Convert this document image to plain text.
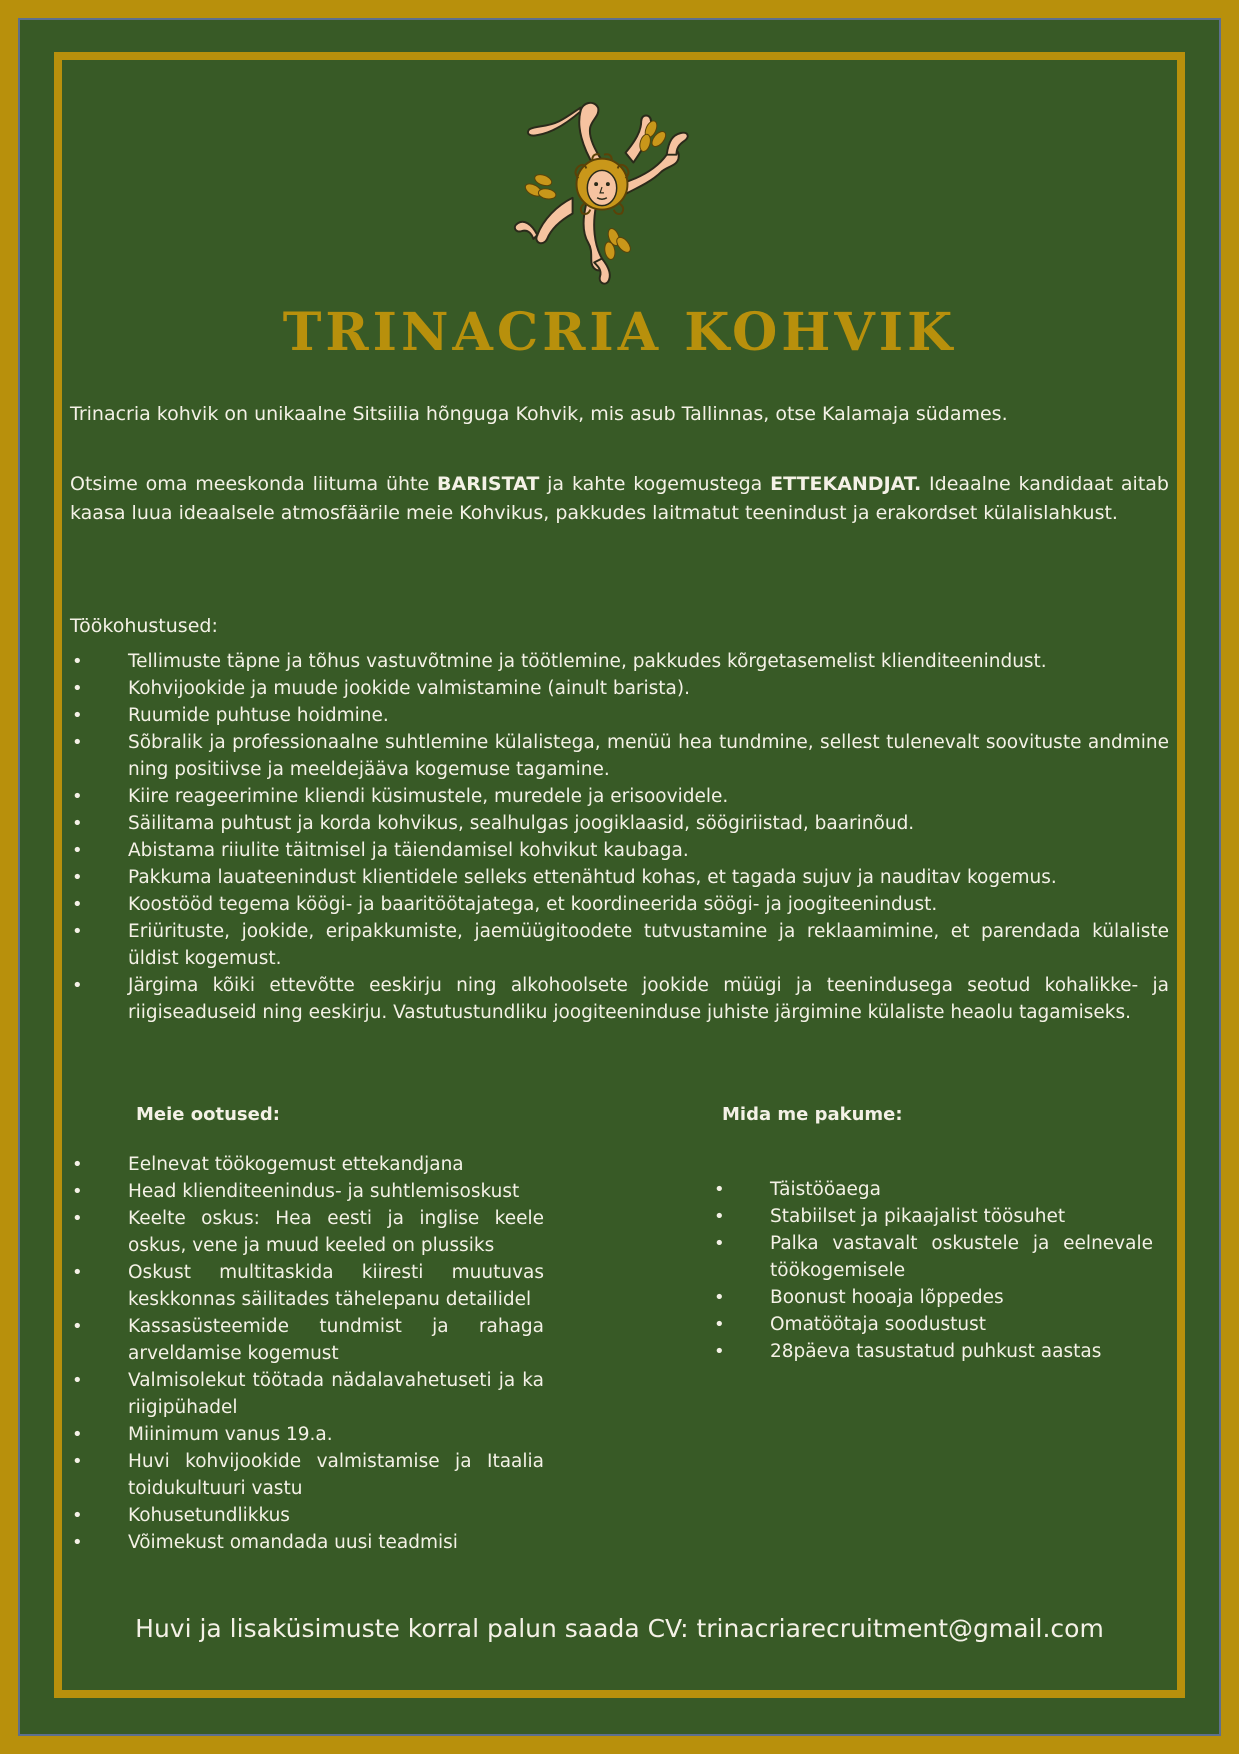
TRINACRIA KOHVIK
Trinacria kohvik on unikaalne Sitsiilia hõnguga Kohvik, mis asub Tallinnas, otse Kalamaja südames.
Otsime oma meeskonda liituma ühte BARISTAT ja kahte kogemustega ETTEKANDJAT. Ideaalne kandidaat aitab kaasa luua ideaalsele atmosfäärile meie Kohvikus, pakkudes laitmatut teenindust ja erakordset külalislahkust.
Töökohustused:
• Tellimuste täpne ja tõhus vastuvõtmine ja töötlemine, pakkudes kõrgetasemelist klienditeenindust.
• Kohvijookide ja muude jookide valmistamine (ainult barista).
• Ruumide puhtuse hoidmine.
• Sõbralik ja professionaalne suhtlemine külalistega, menüü hea tundmine, sellest tulenevalt soovituste andmine ning positiivse ja meeldejääva kogemuse tagamine.
• Kiire reageerimine kliendi küsimustele, muredele ja erisoovidele.
• Säilitama puhtust ja korda kohvikus, sealhulgas joogiklaasid, söögiriistad, baarinõud.
• Abistama riiulite täitmisel ja täiendamisel kohvikut kaubaga.
• Pakkuma lauateenindust klientidele selleks ettenähtud kohas, et tagada sujuv ja nauditav kogemus.
• Koostööd tegema köögi- ja baaritöötajatega, et koordineerida söögi- ja joogiteenindust.
• Eriürituste, jookide, eripakkumiste, jaemüügitoodete tutvustamine ja reklaamimine, et parendada külaliste üldist kogemust.
• Järgima kõiki ettevõtte eeskirju ning alkohoolsete jookide müügi ja teenindusega seotud kohalikke- ja riigiseaduseid ning eeskirju. Vastutustundliku joogiteeninduse juhiste järgimine külaliste heaolu tagamiseks.
Meie ootused:
• Eelnevat töökogemust ettekandjana
• Head klienditeenindus- ja suhtlemisoskust
• Keelte oskus: Hea eesti ja inglise keele oskus, vene ja muud keeled on plussiks
• Oskust multitaskida kiiresti muutuvas keskkonnas säilitades tähelepanu detailidel
• Kassasüsteemide tundmist ja rahaga arveldamise kogemust
• Valmisolekut töötada nädalavahetuseti ja ka riigipühadel
• Miinimum vanus 19.a.
• Huvi kohvijookide valmistamise ja Itaalia toidukultuuri vastu
• Kohusetundlikkus
• Võimekust omandada uusi teadmisi
Mida me pakume:
• Täistööaega
• Stabiilset ja pikaajalist töösuhet
• Palka vastavalt oskustele ja eelnevale töökogemisele
• Boonust hooaja lõppedes
• Omatöötaja soodustust
• 28päeva tasustatud puhkust aastas
Huvi ja lisaküsimuste korral palun saada CV: trinacriarecruitment@gmail.com
